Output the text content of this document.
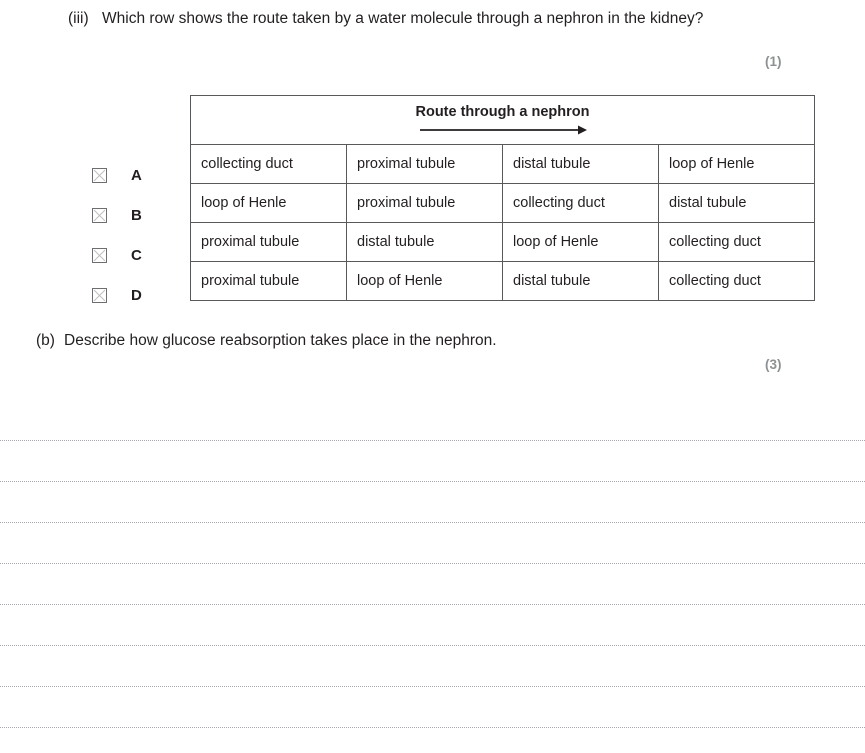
(iii) Which row shows the route taken by a water molecule through a nephron in the kidney?
(1)
Route through a nephron			

collecting duct	proximal tubule	distal tubule	loop of Henle
loop of Henle	proximal tubule	collecting duct	distal tubule
proximal tubule	distal tubule	loop of Henle	collecting duct
proximal tubule	loop of Henle	distal tubule	collecting duct
A
B
C
D
(b) Describe how glucose reabsorption takes place in the nephron.
(3)
